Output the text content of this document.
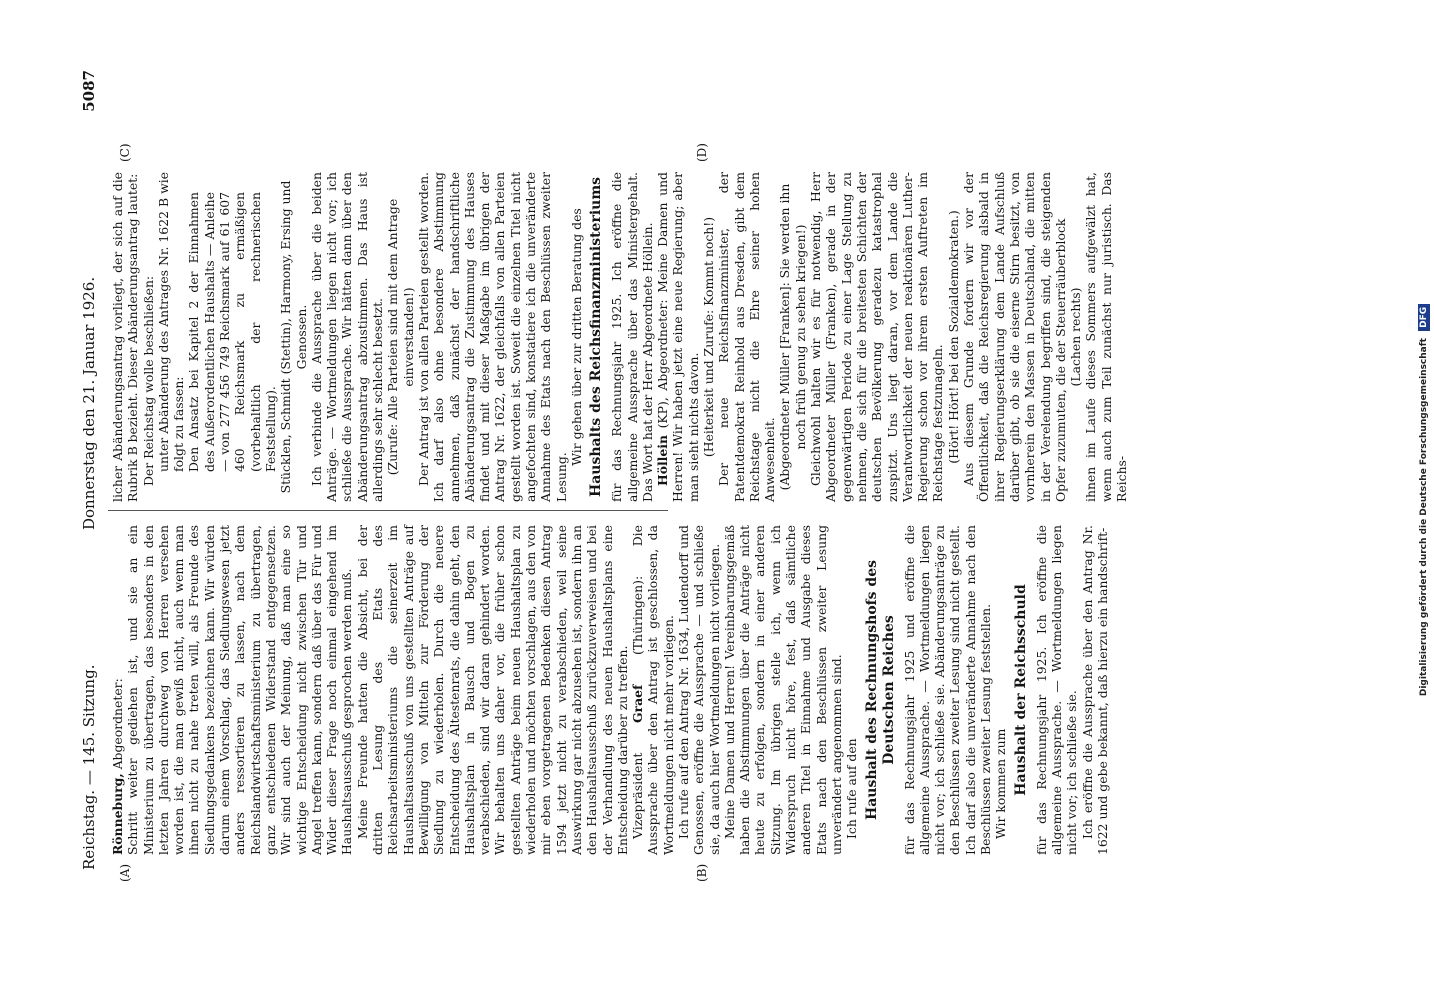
Reichstag. — 145. Sitzung.
Donnerstag den 21. Januar 1926.
5087
(A)	(B)
(C)	(D)

Rönneburg, Abgeordneter: Schritt weiter gediehen ist, und sie an ein Ministerium zu übertragen, das besonders in den letzten Jahren durchweg von Herren versehen worden ist, die man gewiß nicht, auch wenn man ihnen nicht zu nahe treten will, als Freunde des Siedlungsgedankens bezeichnen kann. Wir würden darum einem Vorschlag, das Siedlungswesen jetzt anders ressortieren zu lassen, nach dem Reichslandwirtschaftsministerium zu übertragen, ganz entschiedenen Widerstand entgegensetzen. Wir sind auch der Meinung, daß man eine so wichtige Entscheidung nicht zwischen Tür und Angel treffen kann, sondern daß über das Für und Wider dieser Frage noch einmal eingehend im Haushaltsausschuß gesprochen werden muß. Meine Freunde hatten die Absicht, bei der dritten Lesung des Etats des Reichsarbeitsministeriums die seinerzeit im Haushaltsausschuß von uns gestellten Anträge auf Bewilligung von Mitteln zur Förderung der Siedlung zu wiederholen. Durch die neuere Entscheidung des Ältestenrats, die dahin geht, den Haushaltsplan in Bausch und Bogen zu verabschieden, sind wir daran gehindert worden. Wir behalten uns daher vor, die früher schon gestellten Anträge beim neuen Haushaltsplan zu wiederholen und möchten vorschlagen, aus den von mir eben vorgetragenen Bedenken diesen Antrag 1594 jetzt nicht zu verabschieden, weil seine Auswirkung gar nicht abzusehen ist, sondern ihn an den Haushaltsausschuß zurückzuverweisen und bei der Verhandlung des neuen Haushaltsplans eine Entscheidung darüber zu treffen. Vizepräsident Graef (Thüringen): Die Aussprache über den Antrag ist geschlossen, da Wortmeldungen nicht mehr vorliegen. Ich rufe auf den Antrag Nr. 1634, Ludendorff und Genossen, eröffne die Aussprache — und schließe sie, da auch hier Wortmeldungen nicht vorliegen. Meine Damen und Herren! Vereinbarungsgemäß haben die Abstimmungen über die Anträge nicht heute zu erfolgen, sondern in einer anderen Sitzung. Im übrigen stelle ich, wenn ich Widerspruch nicht höre, fest, daß sämtliche anderen Titel in Einnahme und Ausgabe dieses Etats nach den Beschlüssen zweiter Lesung unverändert angenommen sind. Ich rufe auf den Haushalt des Rechnungshofs des Deutschen Reiches für das Rechnungsjahr 1925 und eröffne die allgemeine Aussprache. — Wortmeldungen liegen nicht vor; ich schließe sie. Abänderungsanträge zu den Beschlüssen zweiter Lesung sind nicht gestellt. Ich darf also die unveränderte Annahme nach den Beschlüssen zweiter Lesung feststellen. Wir kommen zum Haushalt der Reichsschuld für das Rechnungsjahr 1925. Ich eröffne die allgemeine Aussprache. — Wortmeldungen liegen nicht vor; ich schließe sie. Ich eröffne die Aussprache über den Antrag Nr. 1622 und gebe bekannt, daß hierzu ein handschrift-

licher Abänderungsantrag vorliegt, der sich auf die Rubrik B bezieht. Dieser Abänderungsantrag lautet: Der Reichstag wolle beschließen: unter Abänderung des Antrages Nr. 1622 B wie folgt zu fassen: Den Ansatz bei Kapitel 2 der Einnahmen des Außerordentlichen Haushalts — Anleihe — von 277 456 749 Reichsmark auf 61 607 460 Reichsmark zu ermäßigen (vorbehaltlich der rechnerischen Feststellung). Stücklen, Schmidt (Stettin), Harmony, Ersing und Genossen. Ich verbinde die Aussprache über die beiden Anträge. — Wortmeldungen liegen nicht vor; ich schließe die Aussprache. Wir hätten dann über den Abänderungsantrag abzustimmen. Das Haus ist allerdings sehr schlecht besetzt. (Zurufe: Alle Parteien sind mit dem Antrage einverstanden!) Der Antrag ist von allen Parteien gestellt worden. Ich darf also ohne besondere Abstimmung annehmen, daß zunächst der handschriftliche Abänderungsantrag die Zustimmung des Hauses findet und mit dieser Maßgabe im übrigen der Antrag Nr. 1622, der gleichfalls von allen Parteien gestellt worden ist. Soweit die einzelnen Titel nicht angefochten sind, konstatiere ich die unveränderte Annahme des Etats nach den Beschlüssen zweiter Lesung.

Wir gehen über zur dritten Beratung des Haushalts des Reichsfinanzministeriums für das Rechnungsjahr 1925. Ich eröffne die allgemeine Aussprache über das Ministergehalt. Das Wort hat der Herr Abgeordnete Höllein. Höllein (KP), Abgeordneter: Meine Damen und Herren! Wir haben jetzt eine neue Regierung; aber man sieht nichts davon. (Heiterkeit und Zurufe: Kommt noch!) Der neue Reichsfinanzminister, der Patentdemokrat Reinhold aus Dresden, gibt dem Reichstage nicht die Ehre seiner hohen Anwesenheit. (Abgeordneter Müller [Franken]: Sie werden ihn noch früh genug zu sehen kriegen!) Gleichwohl halten wir es für notwendig, Herr Abgeordneter Müller (Franken), gerade in der gegenwärtigen Periode zu einer Lage Stellung zu nehmen, die sich für die breitesten Schichten der deutschen Bevölkerung geradezu katastrophal zuspitzt. Uns liegt daran, vor dem Lande die Verantwortlichkeit der neuen reaktionären Luther-Regierung schon vor ihrem ersten Auftreten im Reichstage festzunageln. (Hört! Hört! bei den Sozialdemokraten.) Aus diesem Grunde fordern wir vor der Öffentlichkeit, daß die Reichsregierung alsbald in ihrer Regierungserklärung dem Lande Aufschluß darüber gibt, ob sie die eiserne Stirn besitzt, von vornherein den Massen in Deutschland, die mitten in der Verelendung begriffen sind, die steigenden Opfer zuzumuten, die der Steuerräuberblock (Lachen rechts) ihnen im Laufe dieses Sommers aufgewälzt hat, wenn auch zum Teil zunächst nur juristisch. Das Reichs-	Digitalisierung gefördert durch die Deutsche Forschungsgemeinschaft DFG
